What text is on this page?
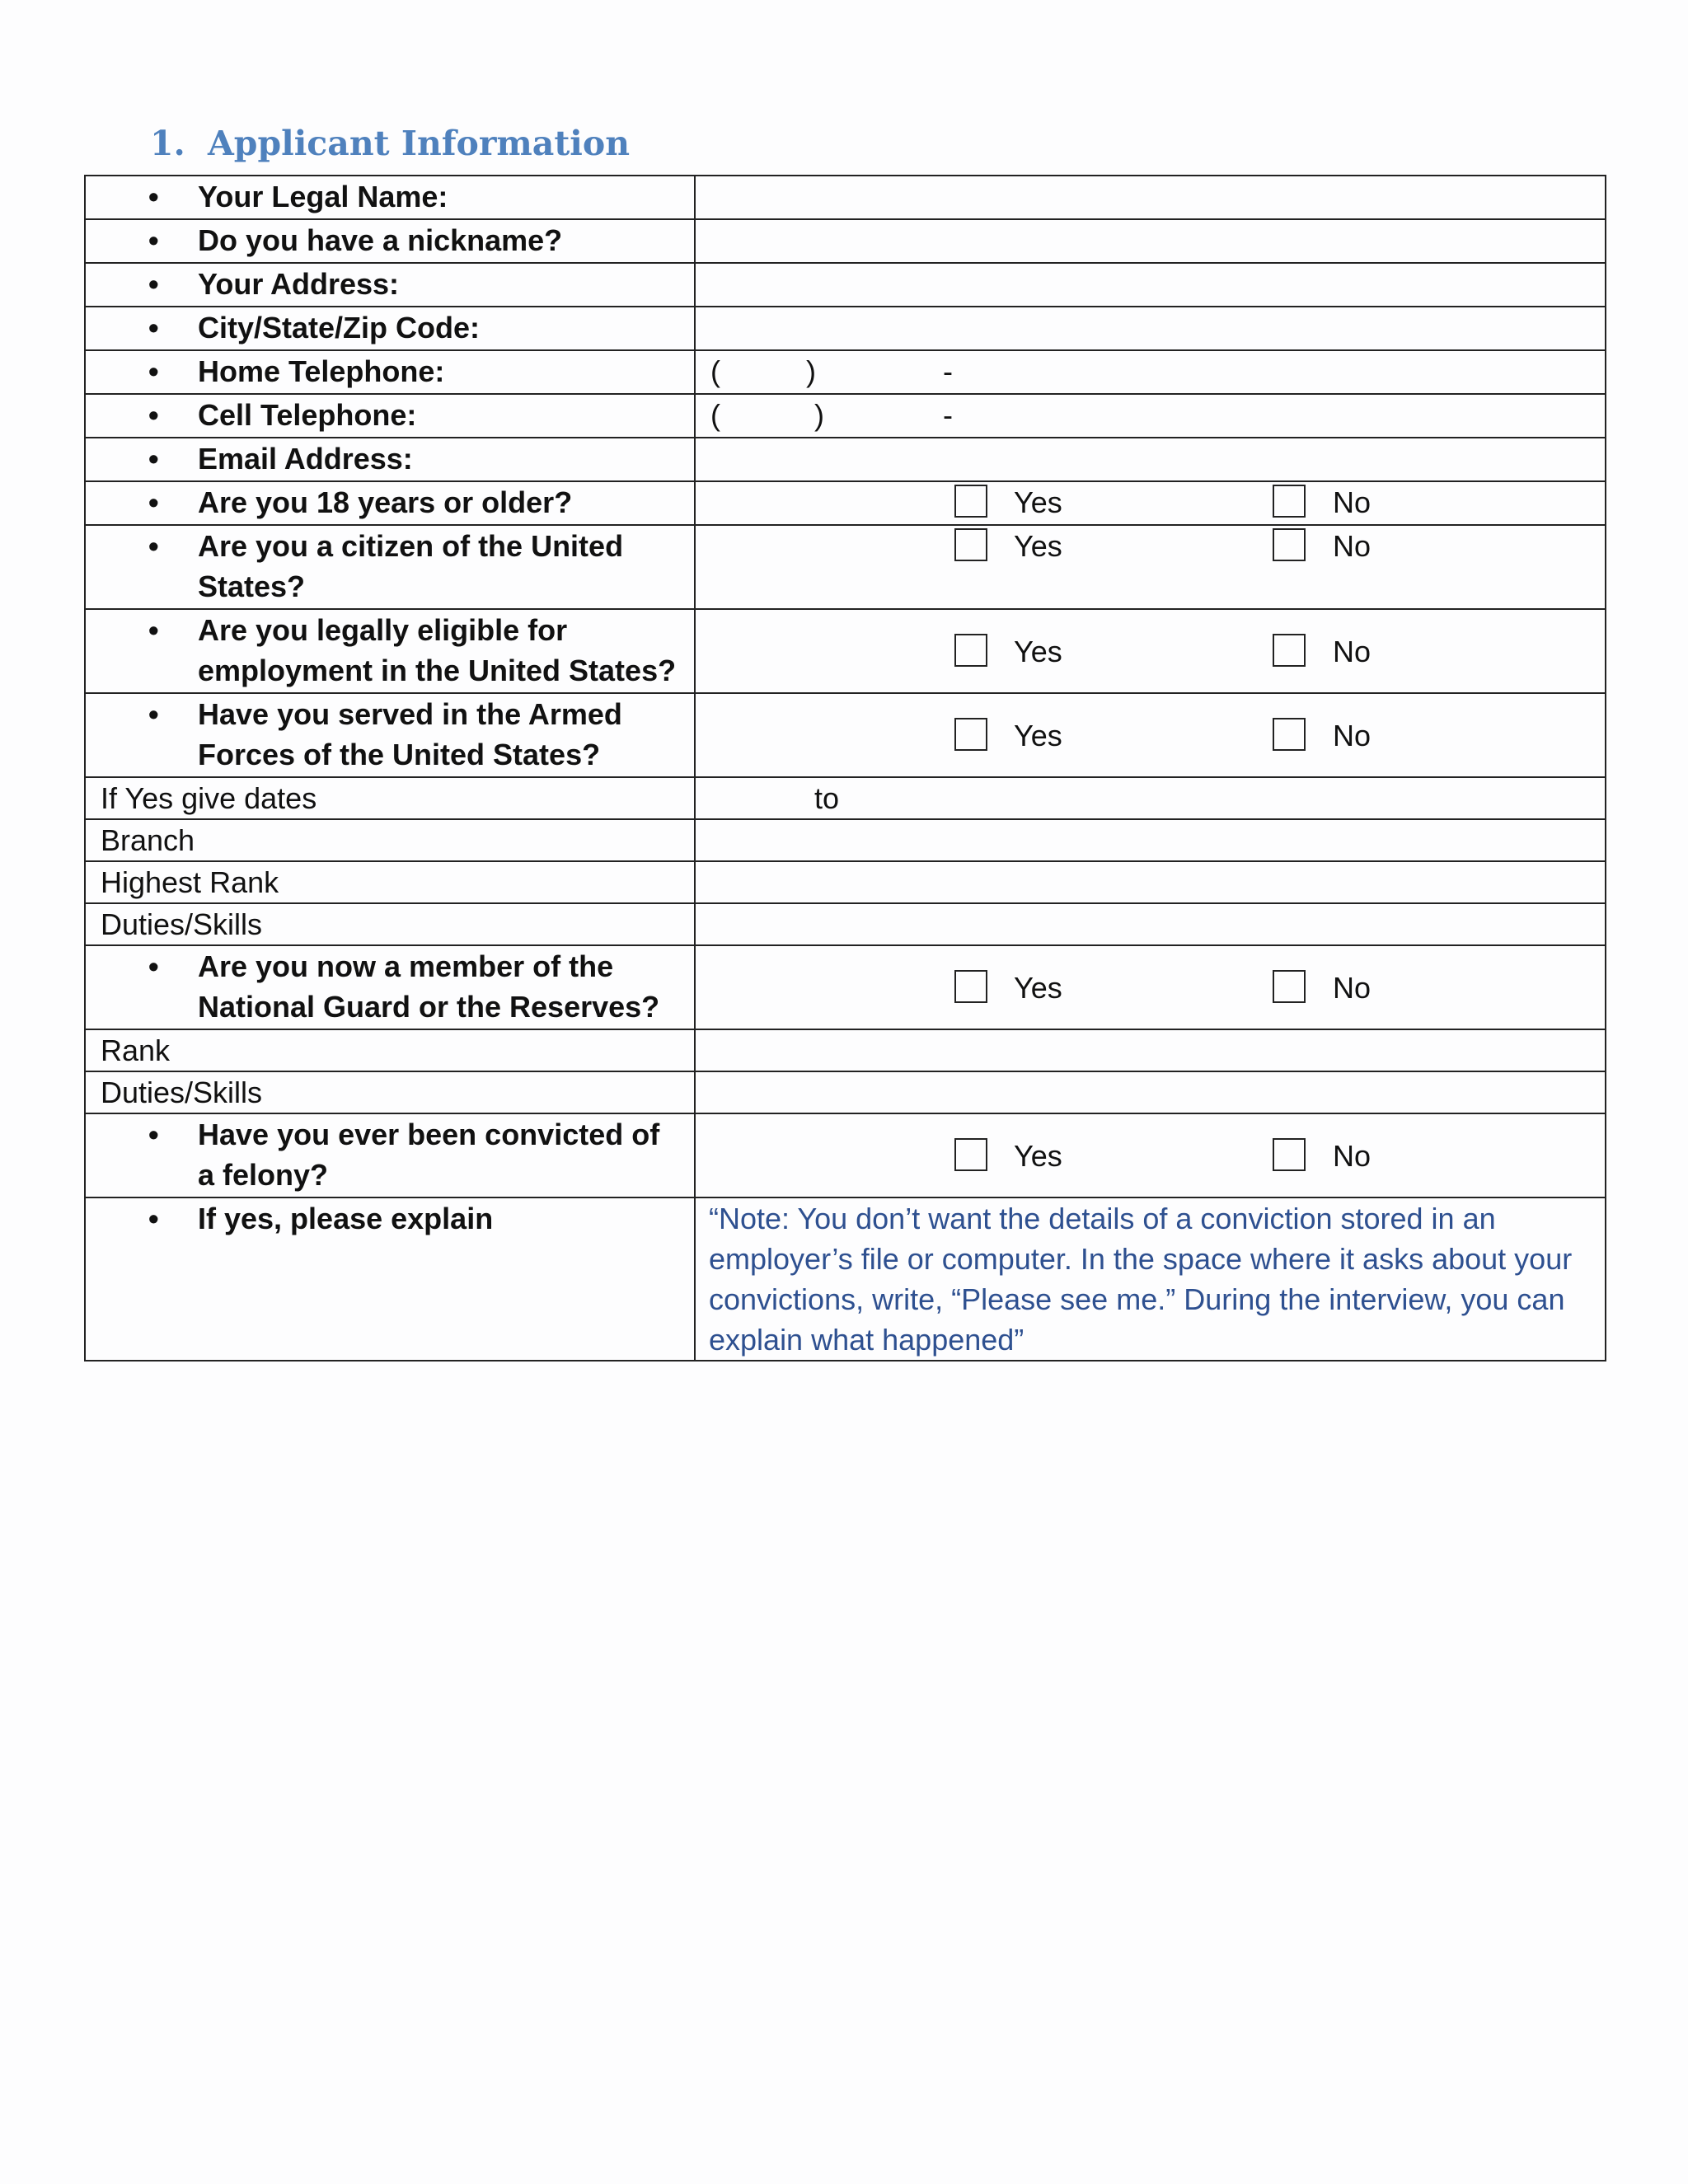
1. Applicant Information
• Your Legal Name:	

• Do you have a nickname?	

• Your Address:	

• City/State/Zip Code:	

• Home Telephone:	( ) -

• Cell Telephone:	( ) -

• Email Address:	

• Are you 18 years or older?	Yes No

• Are you a citizen of the United States?	Yes No

• Are you legally eligible for employment in the United States?	Yes No

• Have you served in the Armed Forces of the United States?	Yes No

If Yes give dates	to

Branch	

Highest Rank	

Duties/Skills	

• Are you now a member of the National Guard or the Reserves?	Yes No

Rank	

Duties/Skills	

• Have you ever been convicted of a felony?	Yes No

• If yes, please explain	“Note: You don’t want the details of a conviction stored in an employer’s file or computer. In the space where it asks about your convictions, write, “Please see me.” During the interview, you can explain what happened”
